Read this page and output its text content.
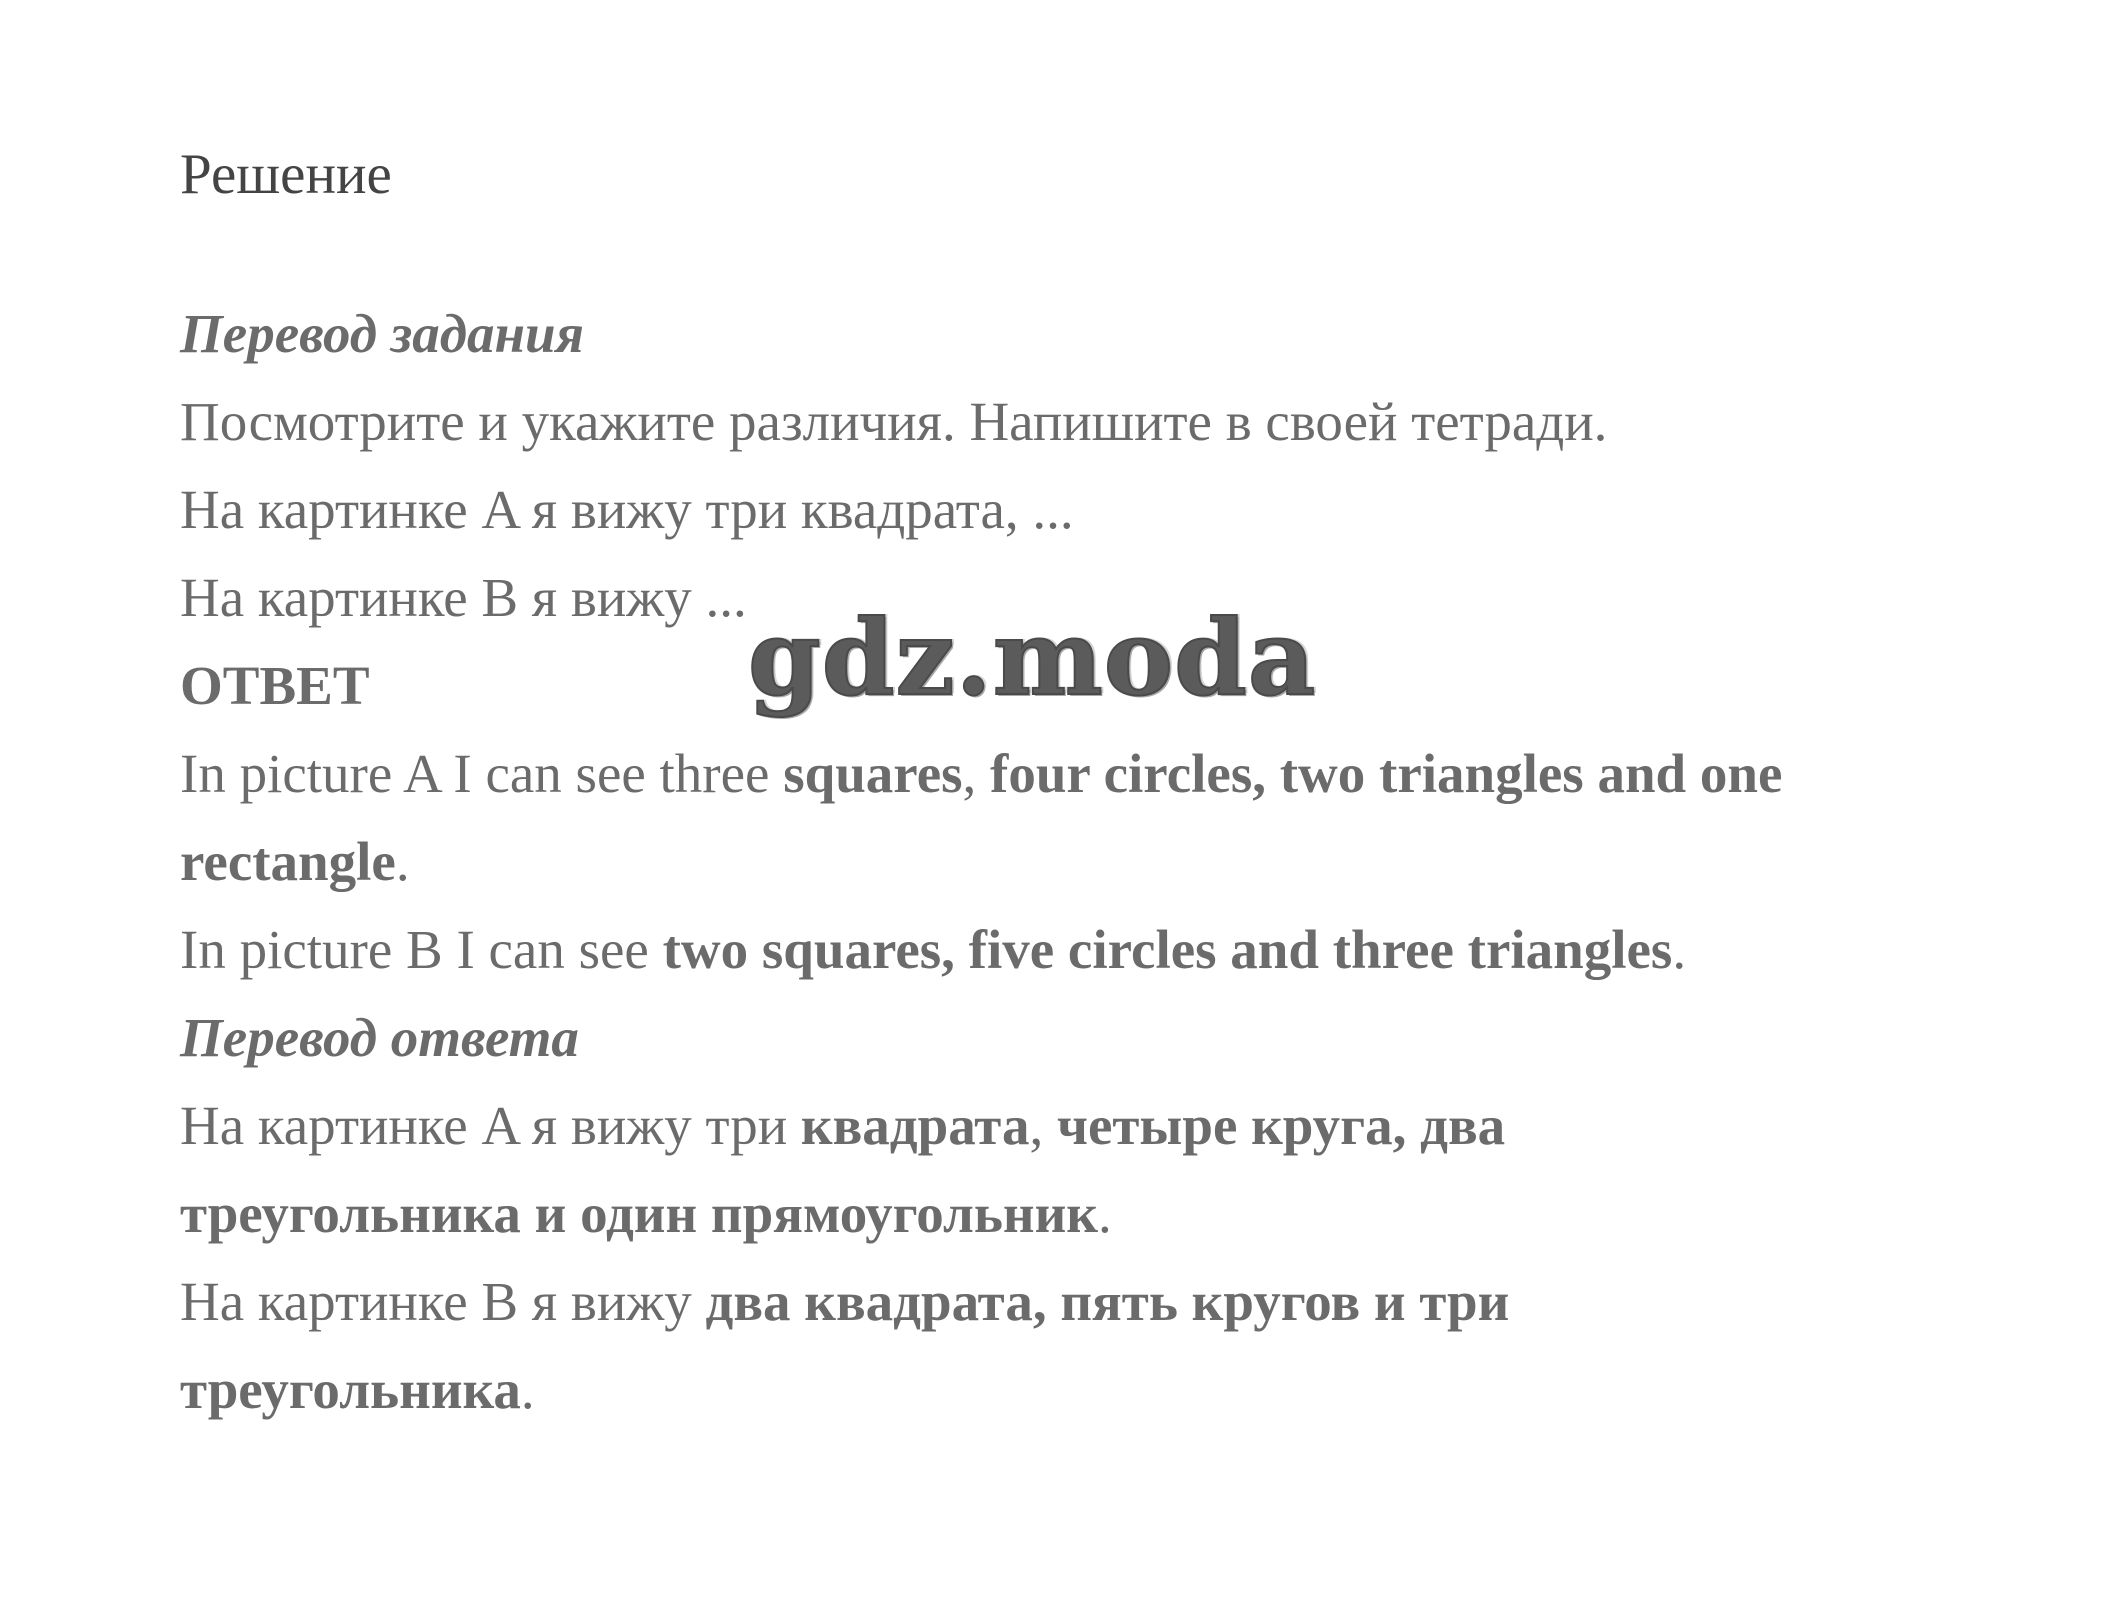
Решение

Перевод задания

Посмотрите и укажите различия. Напишите в своей тетради.

На картинке A я вижу три квадрата, ...

На картинке B я вижу ...

ОТВЕТ

In picture A I can see three squares, four circles, two triangles and one

rectangle.

In picture B I can see two squares, five circles and three triangles.

Перевод ответа

На картинке A я вижу три квадрата, четыре круга, два

треугольника и один прямоугольник.

На картинке B я вижу два квадрата, пять кругов и три

треугольника.

gdz.moda
